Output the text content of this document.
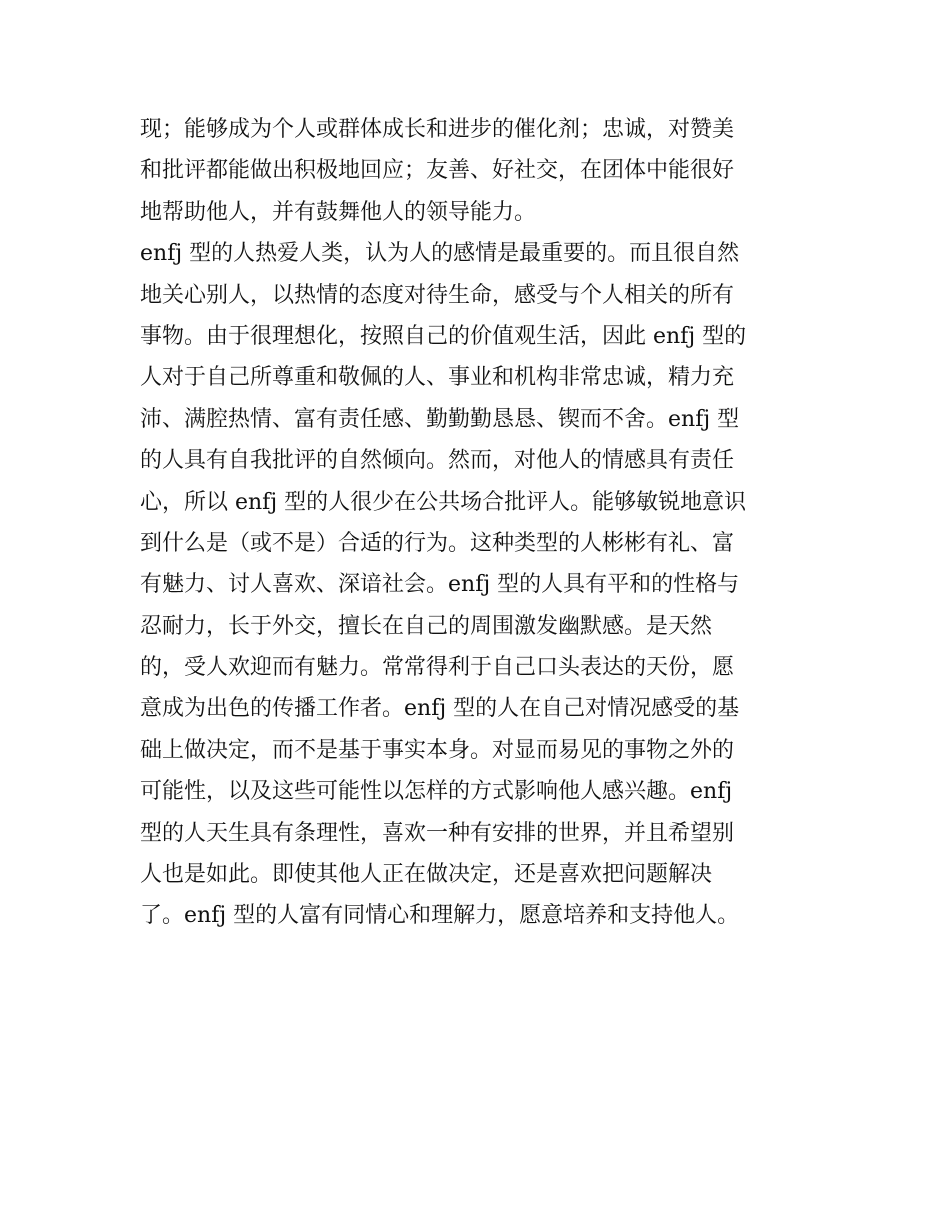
现；能够成为个人或群体成长和进步的催化剂；忠诚，对赞美
和批评都能做出积极地回应；友善、好社交，在团体中能很好
地帮助他人，并有鼓舞他人的领导能力。
enfj 型的人热爱人类，认为人的感情是最重要的。而且很自然
地关心别人，以热情的态度对待生命，感受与个人相关的所有
事物。由于很理想化，按照自己的价值观生活，因此 enfj 型的
人对于自己所尊重和敬佩的人、事业和机构非常忠诚，精力充
沛、满腔热情、富有责任感、勤勤勤恳恳、锲而不舍。enfj 型
的人具有自我批评的自然倾向。然而，对他人的情感具有责任
心，所以 enfj 型的人很少在公共场合批评人。能够敏锐地意识
到什么是（或不是）合适的行为。这种类型的人彬彬有礼、富
有魅力、讨人喜欢、深谙社会。enfj 型的人具有平和的性格与
忍耐力，长于外交，擅长在自己的周围激发幽默感。是天然
的，受人欢迎而有魅力。常常得利于自己口头表达的天份，愿
意成为出色的传播工作者。enfj 型的人在自己对情况感受的基
础上做决定，而不是基于事实本身。对显而易见的事物之外的
可能性，以及这些可能性以怎样的方式影响他人感兴趣。enfj
型的人天生具有条理性，喜欢一种有安排的世界，并且希望别
人也是如此。即使其他人正在做决定，还是喜欢把问题解决
了。enfj 型的人富有同情心和理解力，愿意培养和支持他人。
